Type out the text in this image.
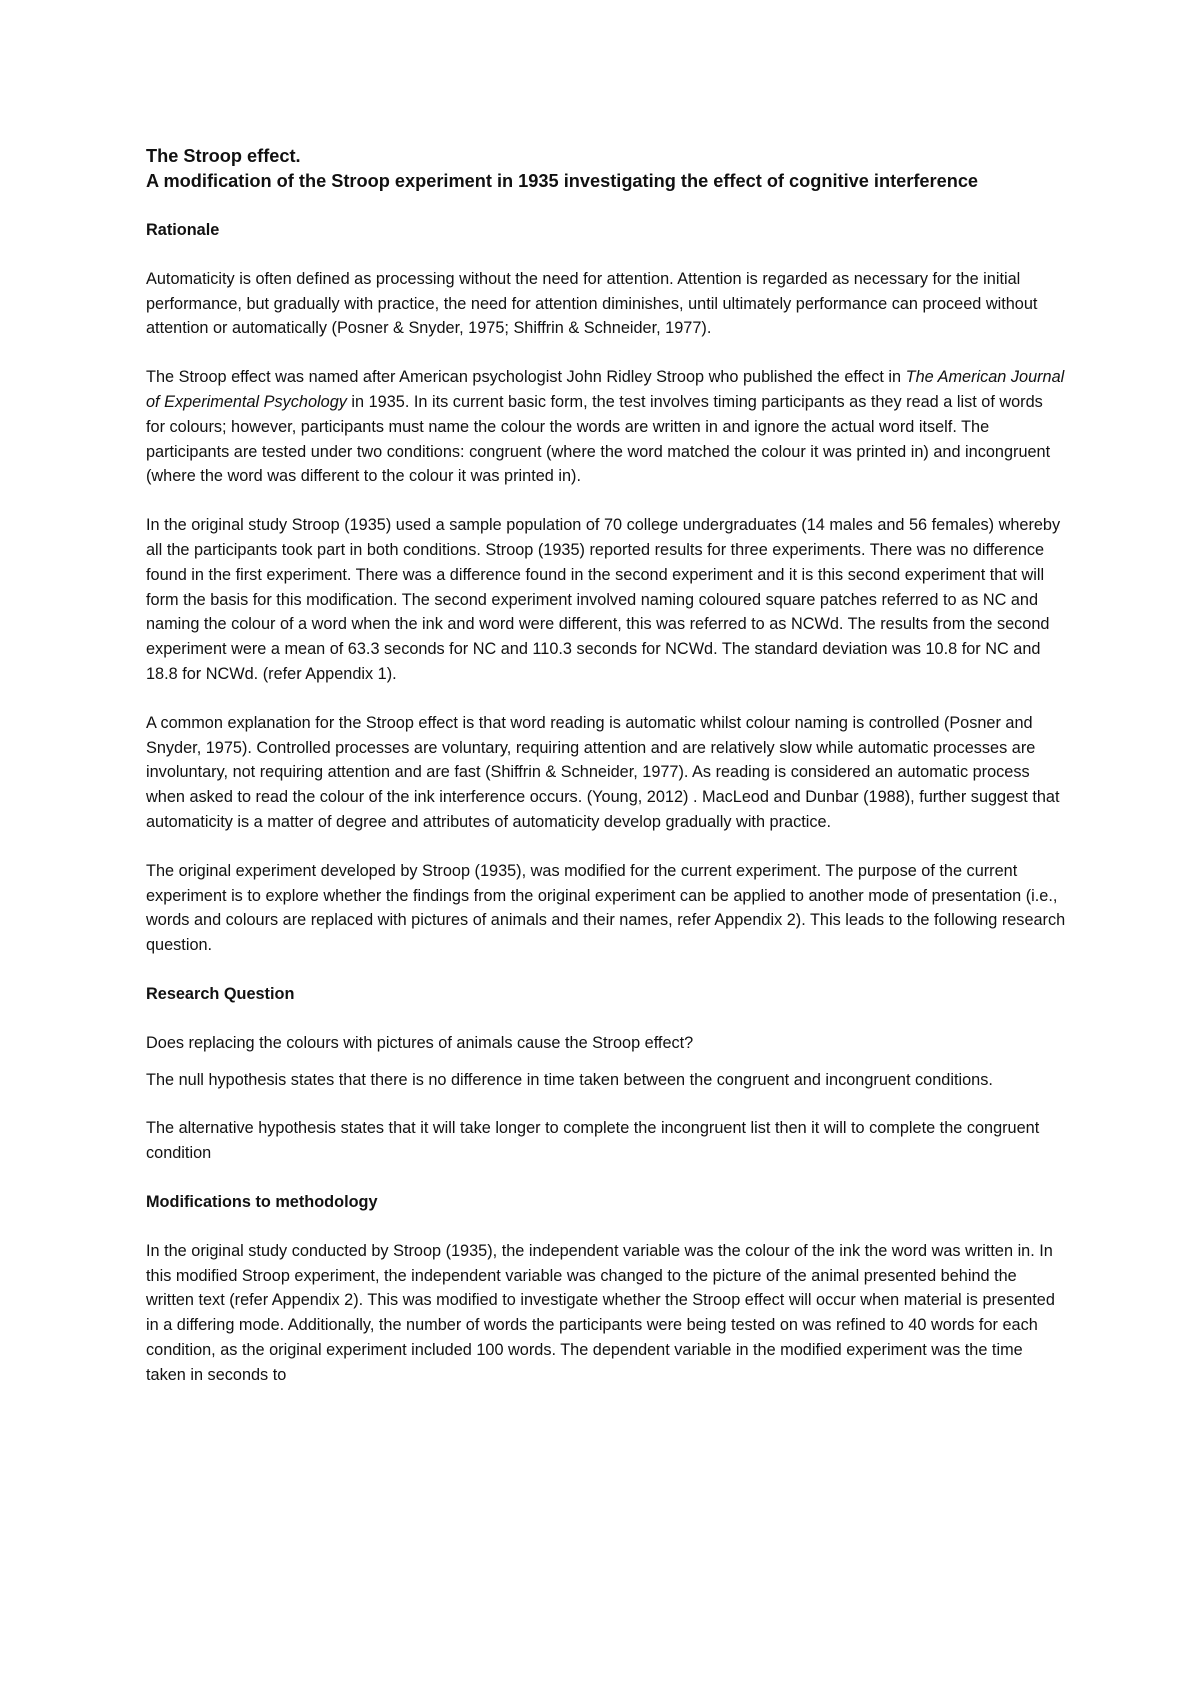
The Stroop effect.

A modification of the Stroop experiment in 1935 investigating the effect of cognitive interference

Rationale

Automaticity is often defined as processing without the need for attention. Attention is regarded as necessary for the initial performance, but gradually with practice, the need for attention diminishes, until ultimately performance can proceed without attention or automatically (Posner & Snyder, 1975; Shiffrin & Schneider, 1977).

The Stroop effect was named after American psychologist John Ridley Stroop who published the effect in The American Journal of Experimental Psychology in 1935. In its current basic form, the test involves timing participants as they read a list of words for colours; however, participants must name the colour the words are written in and ignore the actual word itself. The participants are tested under two conditions: congruent (where the word matched the colour it was printed in) and incongruent (where the word was different to the colour it was printed in).

In the original study Stroop (1935) used a sample population of 70 college undergraduates (14 males and 56 females) whereby all the participants took part in both conditions. Stroop (1935) reported results for three experiments. There was no difference found in the first experiment. There was a difference found in the second experiment and it is this second experiment that will form the basis for this modification. The second experiment involved naming coloured square patches referred to as NC and naming the colour of a word when the ink and word were different, this was referred to as NCWd. The results from the second experiment were a mean of 63.3 seconds for NC and 110.3 seconds for NCWd. The standard deviation was 10.8 for NC and 18.8 for NCWd. (refer Appendix 1).

A common explanation for the Stroop effect is that word reading is automatic whilst colour naming is controlled (Posner and Snyder, 1975). Controlled processes are voluntary, requiring attention and are relatively slow while automatic processes are involuntary, not requiring attention and are fast (Shiffrin & Schneider, 1977). As reading is considered an automatic process when asked to read the colour of the ink interference occurs. (Young, 2012) . MacLeod and Dunbar (1988), further suggest that automaticity is a matter of degree and attributes of automaticity develop gradually with practice.

The original experiment developed by Stroop (1935), was modified for the current experiment. The purpose of the current experiment is to explore whether the findings from the original experiment can be applied to another mode of presentation (i.e., words and colours are replaced with pictures of animals and their names, refer Appendix 2). This leads to the following research question.

Research Question

Does replacing the colours with pictures of animals cause the Stroop effect?

The null hypothesis states that there is no difference in time taken between the congruent and incongruent conditions.

The alternative hypothesis states that it will take longer to complete the incongruent list then it will to complete the congruent condition

Modifications to methodology

In the original study conducted by Stroop (1935), the independent variable was the colour of the ink the word was written in. In this modified Stroop experiment, the independent variable was changed to the picture of the animal presented behind the written text (refer Appendix 2). This was modified to investigate whether the Stroop effect will occur when material is presented in a differing mode. Additionally, the number of words the participants were being tested on was refined to 40 words for each condition, as the original experiment included 100 words. The dependent variable in the modified experiment was the time taken in seconds to
